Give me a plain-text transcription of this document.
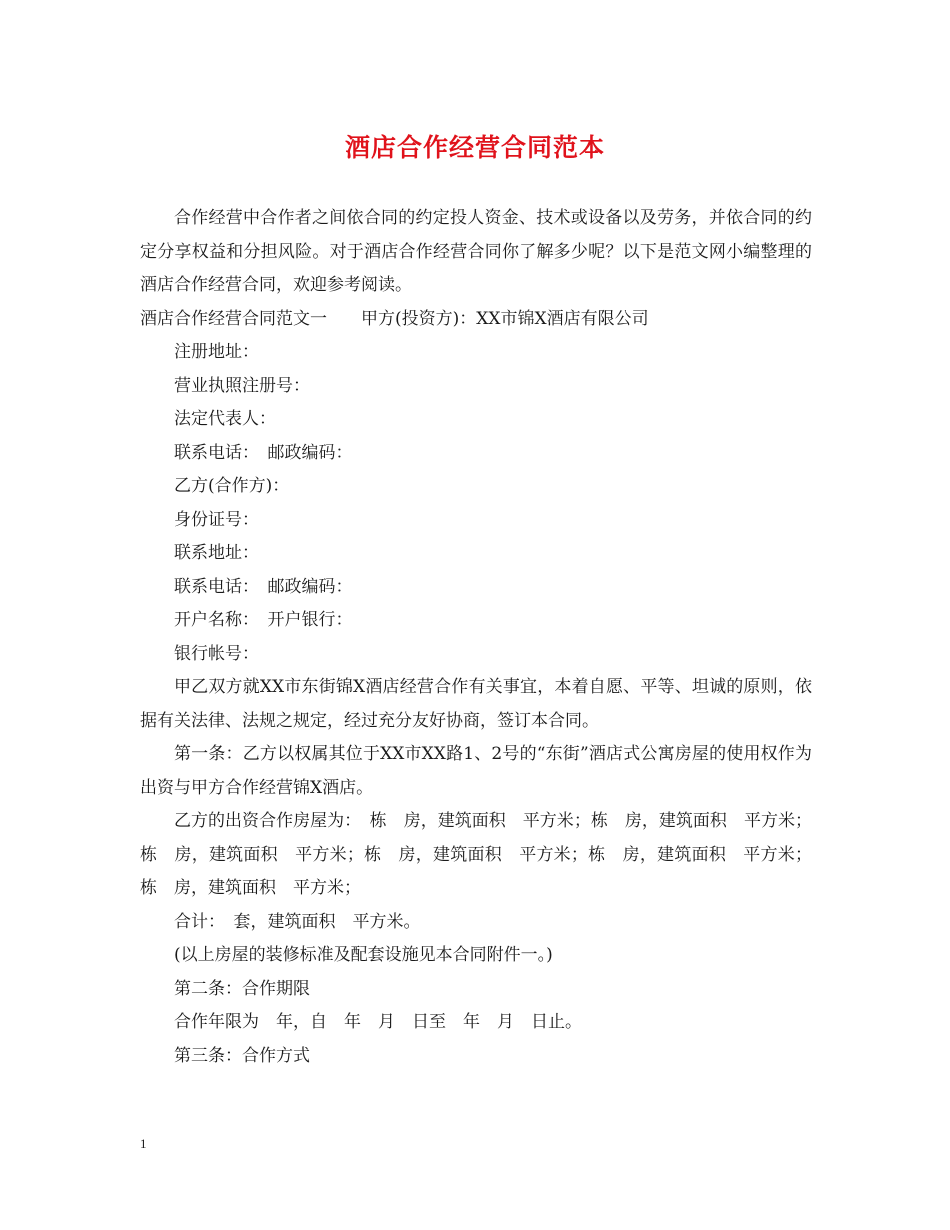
酒店合作经营合同范本

合作经营中合作者之间依合同的约定投人资金、技术或设备以及劳务，并依合同的约定分享权益和分担风险。对于酒店合作经营合同你了解多少呢？以下是范文网小编整理的酒店合作经营合同，欢迎参考阅读。

酒店合作经营合同范文一　　甲方(投资方)：XX市锦X酒店有限公司

注册地址：

营业执照注册号：

法定代表人：

联系电话：　邮政编码：

乙方(合作方)：

身份证号：

联系地址：

联系电话：　邮政编码：

开户名称：　开户银行：

银行帐号：

甲乙双方就XX市东街锦X酒店经营合作有关事宜，本着自愿、平等、坦诚的原则，依据有关法律、法规之规定，经过充分友好协商，签订本合同。

第一条：乙方以权属其位于XX市XX路1、2号的“东街”酒店式公寓房屋的使用权作为出资与甲方合作经营锦X酒店。

乙方的出资合作房屋为：　栋　房，建筑面积　平方米；栋　房，建筑面积　平方米；栋　房，建筑面积　平方米；栋　房，建筑面积　平方米；栋　房，建筑面积　平方米；栋　房，建筑面积　平方米；

合计：　套，建筑面积　平方米。

(以上房屋的装修标准及配套设施见本合同附件一。)

第二条：合作期限

合作年限为　年，自　年　月　日至　年　月　日止。

第三条：合作方式

1
